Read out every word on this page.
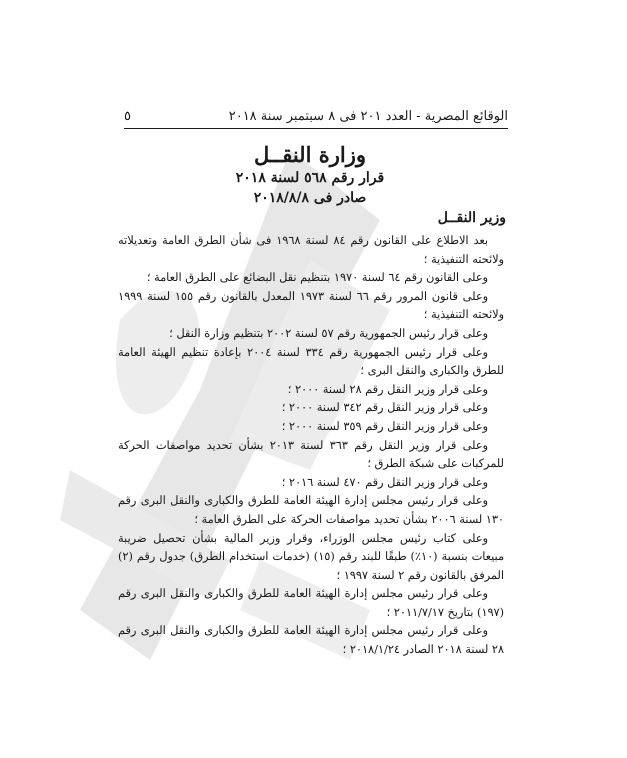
الوقائع المصرية - العدد ٢٠١ فى ٨ سبتمبر سنة ٢٠١٨
٥
وزارة النقــل
قرار رقم ٥٦٨ لسنة ٢٠١٨
صادر فى ٢٠١٨/٨/٨
وزير النقــل

بعد الاطلاع على القانون رقم ٨٤ لسنة ١٩٦٨ فى شأن الطرق العامة وتعديلاته ولائحته التنفيذية ؛

وعلى القانون رقم ٦٤ لسنة ١٩٧٠ بتنظيم نقل البضائع على الطرق العامة ؛

وعلى قانون المرور رقم ٦٦ لسنة ١٩٧٣ المعدل بالقانون رقم ١٥٥ لسنة ١٩٩٩ ولائحته التنفيذية ؛

وعلى قرار رئيس الجمهورية رقم ٥٧ لسنة ٢٠٠٢ بتنظيم وزارة النقل ؛

وعلى قرار رئيس الجمهورية رقم ٣٣٤ لسنة ٢٠٠٤ بإعادة تنظيم الهيئة العامة للطرق والكبارى والنقل البرى ؛

وعلى قرار وزير النقل رقم ٢٨ لسنة ٢٠٠٠ ؛

وعلى قرار وزير النقل رقم ٣٤٢ لسنة ٢٠٠٠ ؛

وعلى قرار وزير النقل رقم ٣٥٩ لسنة ٢٠٠٠ ؛

وعلى قرار وزير النقل رقم ٣٦٣ لسنة ٢٠١٣ بشأن تحديد مواصفات الحركة للمركبات على شبكة الطرق ؛

وعلى قرار وزير النقل رقم ٤٧٠ لسنة ٢٠١٦ ؛

وعلى قرار رئيس مجلس إدارة الهيئة العامة للطرق والكبارى والنقل البرى رقم ١٣٠ لسنة ٢٠٠٦ بشأن تحديد مواصفات الحركة على الطرق العامة ؛

وعلى كتاب رئيس مجلس الوزراء، وقرار وزير المالية بشأن تحصيل ضريبة مبيعات بنسبة (١٠٪) طبقًا للبند رقم (١٥) (خدمات استخدام الطرق) جدول رقم (٢) المرفق بالقانون رقم ٢ لسنة ١٩٩٧ ؛

وعلى قرار رئيس مجلس إدارة الهيئة العامة للطرق والكبارى والنقل البرى رقم (١٩٧) بتاريخ ٢٠١١/٧/١٧ ؛

وعلى قرار رئيس مجلس إدارة الهيئة العامة للطرق والكبارى والنقل البرى رقم ٢٨ لسنة ٢٠١٨ الصادر ٢٠١٨/١/٢٤ ؛
